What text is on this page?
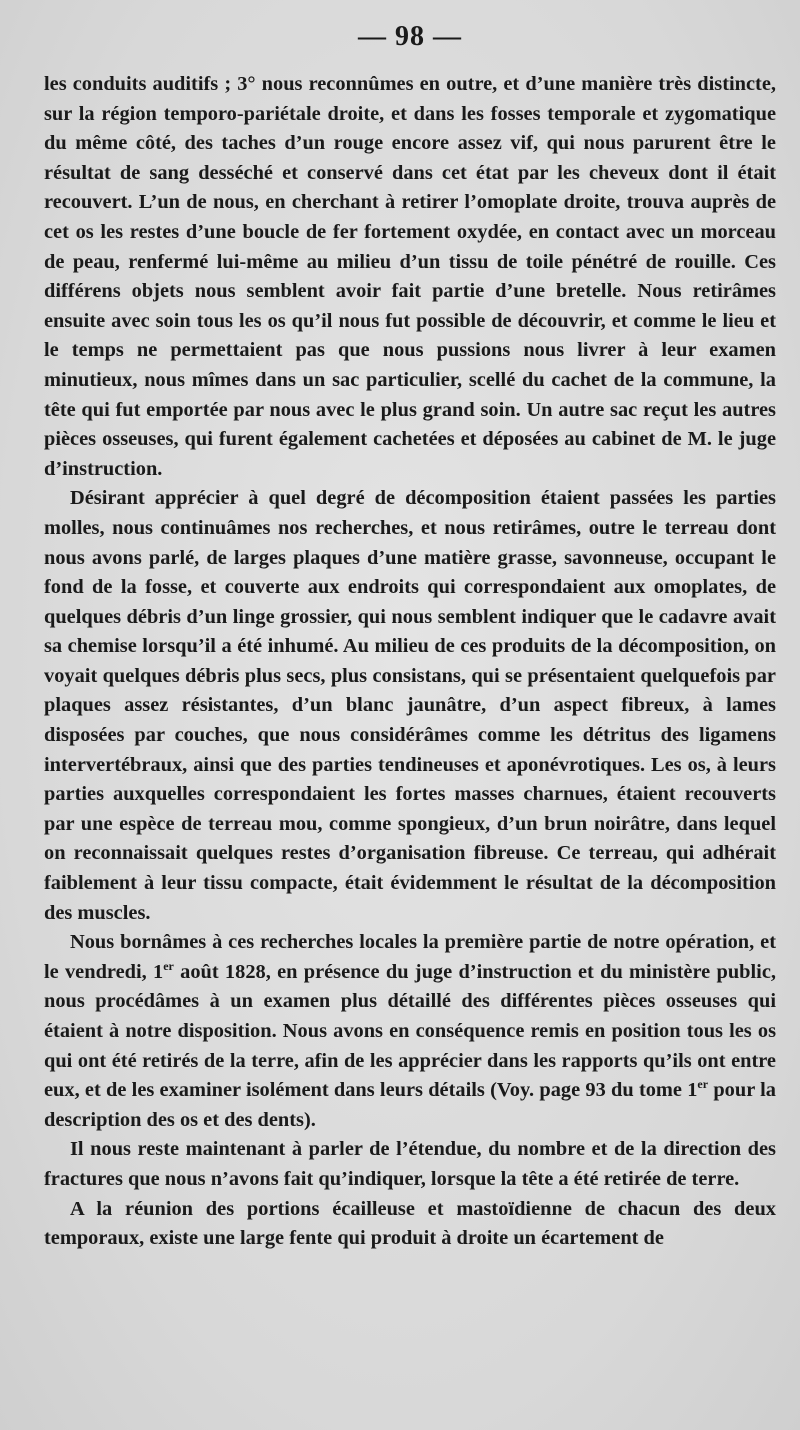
— 98 —

les conduits auditifs ; 3° nous reconnûmes en outre, et d’une manière très distincte, sur la région temporo-pariétale droite, et dans les fosses temporale et zygomatique du même côté, des taches d’un rouge encore assez vif, qui nous parurent être le résultat de sang desséché et conservé dans cet état par les cheveux dont il était recouvert. L’un de nous, en cherchant à retirer l’omoplate droite, trouva auprès de cet os les restes d’une boucle de fer fortement oxydée, en contact avec un morceau de peau, renfermé lui-même au milieu d’un tissu de toile pénétré de rouille. Ces différens objets nous semblent avoir fait partie d’une bretelle. Nous retirâmes ensuite avec soin tous les os qu’il nous fut possible de découvrir, et comme le lieu et le temps ne permettaient pas que nous pussions nous livrer à leur examen minutieux, nous mîmes dans un sac particulier, scellé du cachet de la commune, la tête qui fut emportée par nous avec le plus grand soin. Un autre sac reçut les autres pièces osseuses, qui furent également cachetées et déposées au cabinet de M. le juge d’instruction.

Désirant apprécier à quel degré de décomposition étaient passées les parties molles, nous continuâmes nos recherches, et nous retirâmes, outre le terreau dont nous avons parlé, de larges plaques d’une matière grasse, savonneuse, occupant le fond de la fosse, et couverte aux endroits qui correspondaient aux omoplates, de quelques débris d’un linge grossier, qui nous semblent indiquer que le cadavre avait sa chemise lorsqu’il a été inhumé. Au milieu de ces produits de la décomposition, on voyait quelques débris plus secs, plus consistans, qui se présentaient quelquefois par plaques assez résistantes, d’un blanc jaunâtre, d’un aspect fibreux, à lames disposées par couches, que nous considérâmes comme les détritus des ligamens intervertébraux, ainsi que des parties tendineuses et aponévrotiques. Les os, à leurs parties auxquelles correspondaient les fortes masses charnues, étaient recouverts par une espèce de terreau mou, comme spongieux, d’un brun noirâtre, dans lequel on reconnaissait quelques restes d’organisation fibreuse. Ce terreau, qui adhérait faiblement à leur tissu compacte, était évidemment le résultat de la décomposition des muscles.

Nous bornâmes à ces recherches locales la première partie de notre opération, et le vendredi, 1er août 1828, en présence du juge d’instruction et du ministère public, nous procédâmes à un examen plus détaillé des différentes pièces osseuses qui étaient à notre disposition. Nous avons en conséquence remis en position tous les os qui ont été retirés de la terre, afin de les apprécier dans les rapports qu’ils ont entre eux, et de les examiner isolément dans leurs détails (Voy. page 93 du tome 1er pour la description des os et des dents).

Il nous reste maintenant à parler de l’étendue, du nombre et de la direction des fractures que nous n’avons fait qu’indiquer, lorsque la tête a été retirée de terre.

A la réunion des portions écailleuse et mastoïdienne de chacun des deux temporaux, existe une large fente qui produit à droite un écartement de
